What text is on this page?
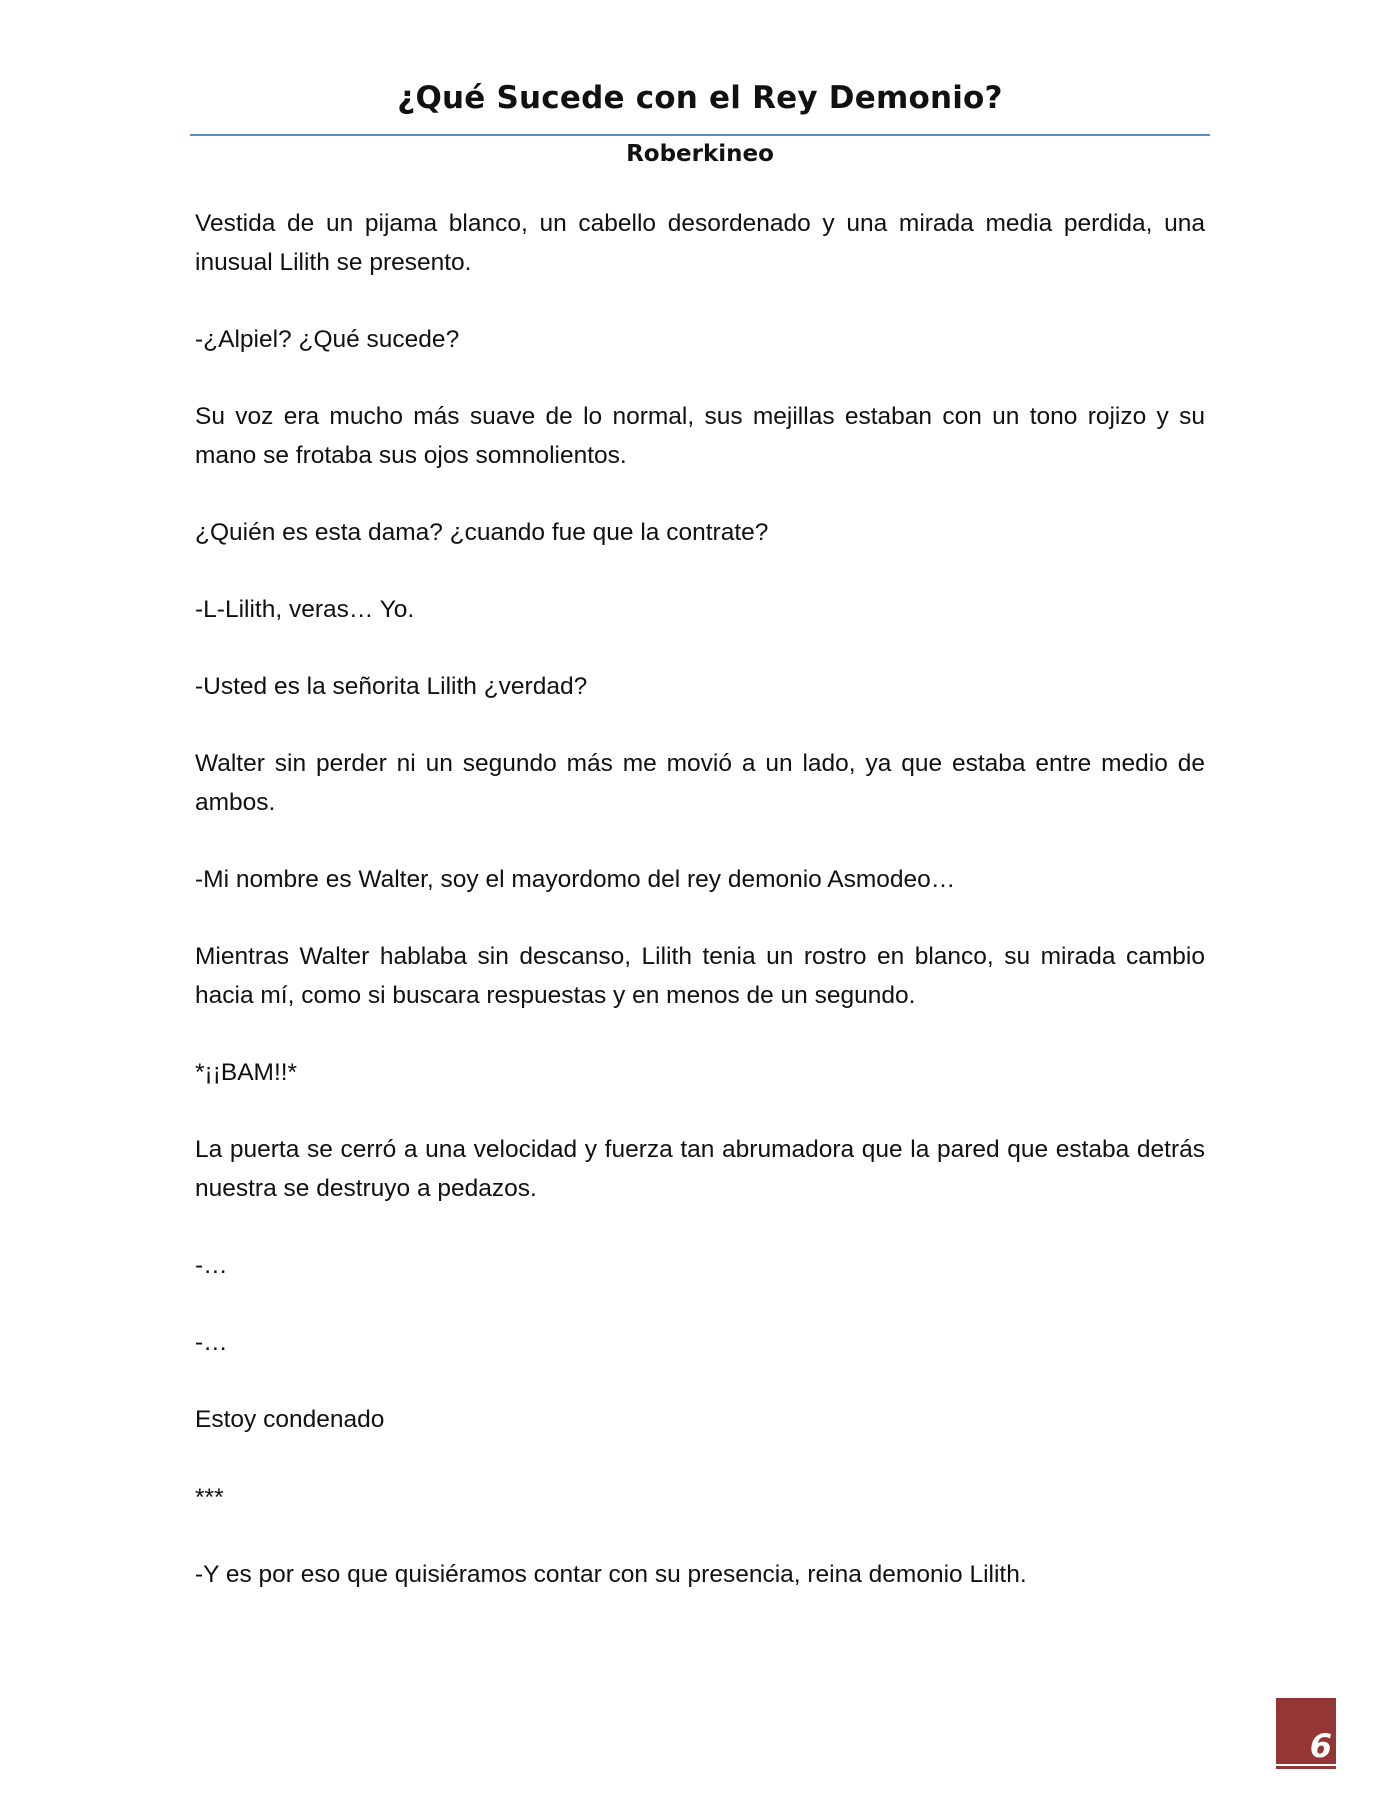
¿Qué Sucede con el Rey Demonio?
Roberkineo

Vestida de un pijama blanco, un cabello desordenado y una mirada media perdida, una inusual Lilith se presento.

-¿Alpiel? ¿Qué sucede?

Su voz era mucho más suave de lo normal, sus mejillas estaban con un tono rojizo y su mano se frotaba sus ojos somnolientos.

¿Quién es esta dama? ¿cuando fue que la contrate?

-L-Lilith, veras… Yo.

-Usted es la señorita Lilith ¿verdad?

Walter sin perder ni un segundo más me movió a un lado, ya que estaba entre medio de ambos.

-Mi nombre es Walter, soy el mayordomo del rey demonio Asmodeo…

Mientras Walter hablaba sin descanso, Lilith tenia un rostro en blanco, su mirada cambio hacia mí, como si buscara respuestas y en menos de un segundo.

*¡¡BAM!!*

La puerta se cerró a una velocidad y fuerza tan abrumadora que la pared que estaba detrás nuestra se destruyo a pedazos.

-…

-…

Estoy condenado

***

-Y es por eso que quisiéramos contar con su presencia, reina demonio Lilith.

6
